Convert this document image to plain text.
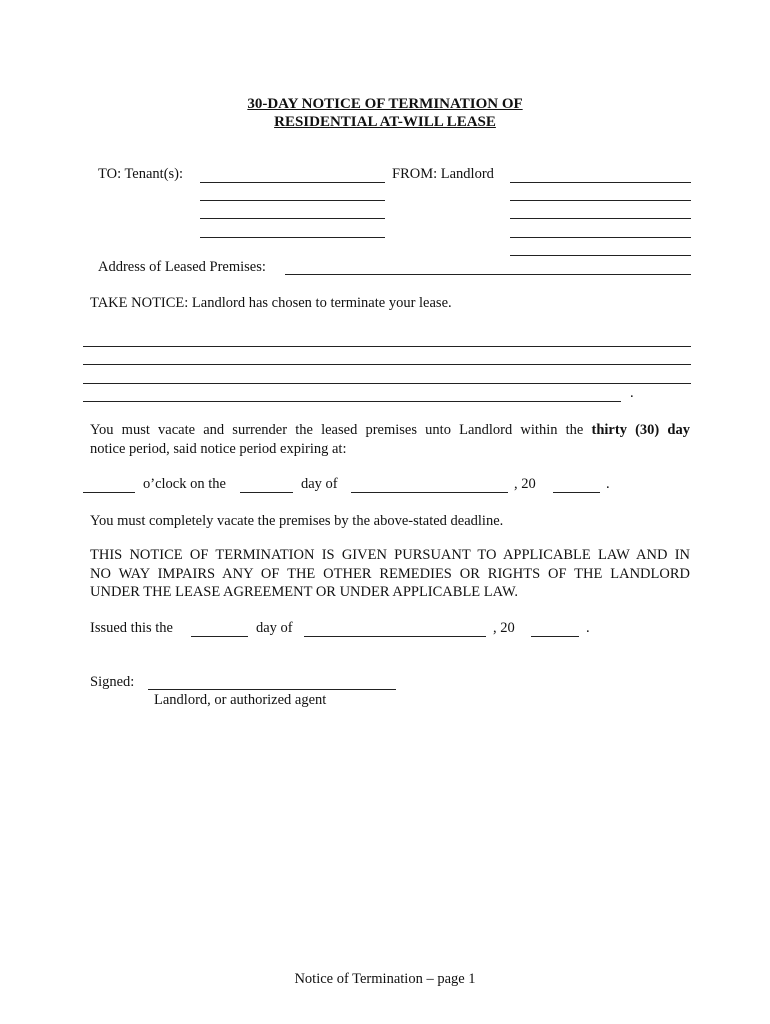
30-DAY NOTICE OF TERMINATION OF
RESIDENTIAL AT-WILL LEASE
TO: Tenant(s):	FROM: Landlord
Address of Leased Premises:
TAKE NOTICE: Landlord has chosen to terminate your lease.
.
You must vacate and surrender the leased premises unto Landlord within the thirty (30) day
notice period, said notice period expiring at:
o’clock on the	day of	, 20	.
You must completely vacate the premises by the above-stated deadline.
THIS NOTICE OF TERMINATION IS GIVEN PURSUANT TO APPLICABLE LAW AND IN
NO WAY IMPAIRS ANY OF THE OTHER REMEDIES OR RIGHTS OF THE LANDLORD
UNDER THE LEASE AGREEMENT OR UNDER APPLICABLE LAW.
Issued this the	day of	, 20	.
Signed:
Landlord, or authorized agent
Notice of Termination – page 1
